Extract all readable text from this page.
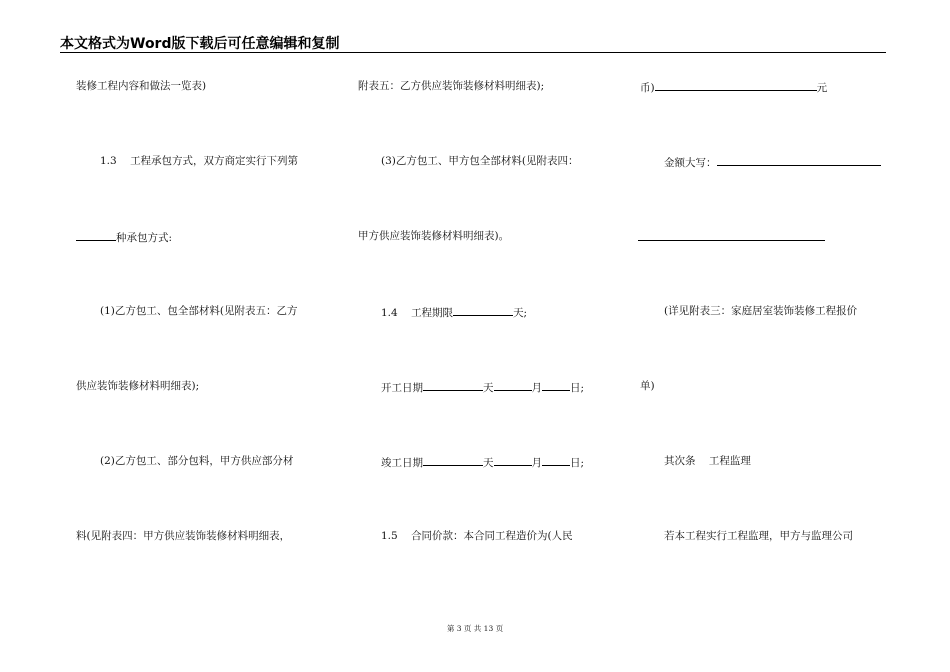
本文格式为Word版下载后可任意编辑和复制
装修工程内容和做法一览表)
1.3 工程承包方式，双方商定实行下列第
种承包方式:
(1)乙方包工、包全部材料(见附表五：乙方
供应装饰装修材料明细表);
(2)乙方包工、部分包料，甲方供应部分材
料(见附表四：甲方供应装饰装修材料明细表，
附表五：乙方供应装饰装修材料明细表);
(3)乙方包工、甲方包全部材料(见附表四：
甲方供应装饰装修材料明细表)。
1.4 工程期限	天;
开工日期	天	月	日;
竣工日期	天	月	日;
1.5 合同价款：本合同工程造价为(人民
币)	元
金额大写：
(详见附表三：家庭居室装饰装修工程报价
单)
其次条 工程监理
若本工程实行工程监理，甲方与监理公司
第 3 页 共 13 页
